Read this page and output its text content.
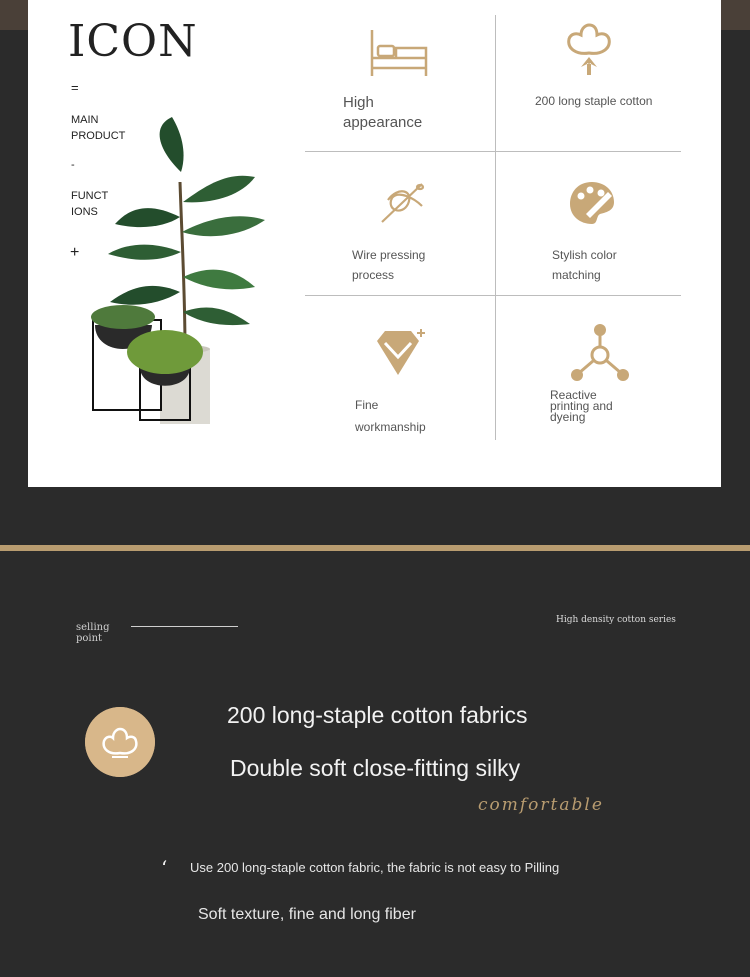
ICON
=
MAIN
PRODUCT
-
FUNCT
IONS
+
High
appearance
200 long staple cotton
Wire pressing
process
Stylish color
matching
Fine
workmanship
Reactive
printing and
dyeing
selling
point
High density cotton series
200 long-staple cotton fabrics
Double soft close-fitting silky
comfortable
‘ Use 200 long-staple cotton fabric, the fabric is not easy to Pilling
Soft texture, fine and long fiber
